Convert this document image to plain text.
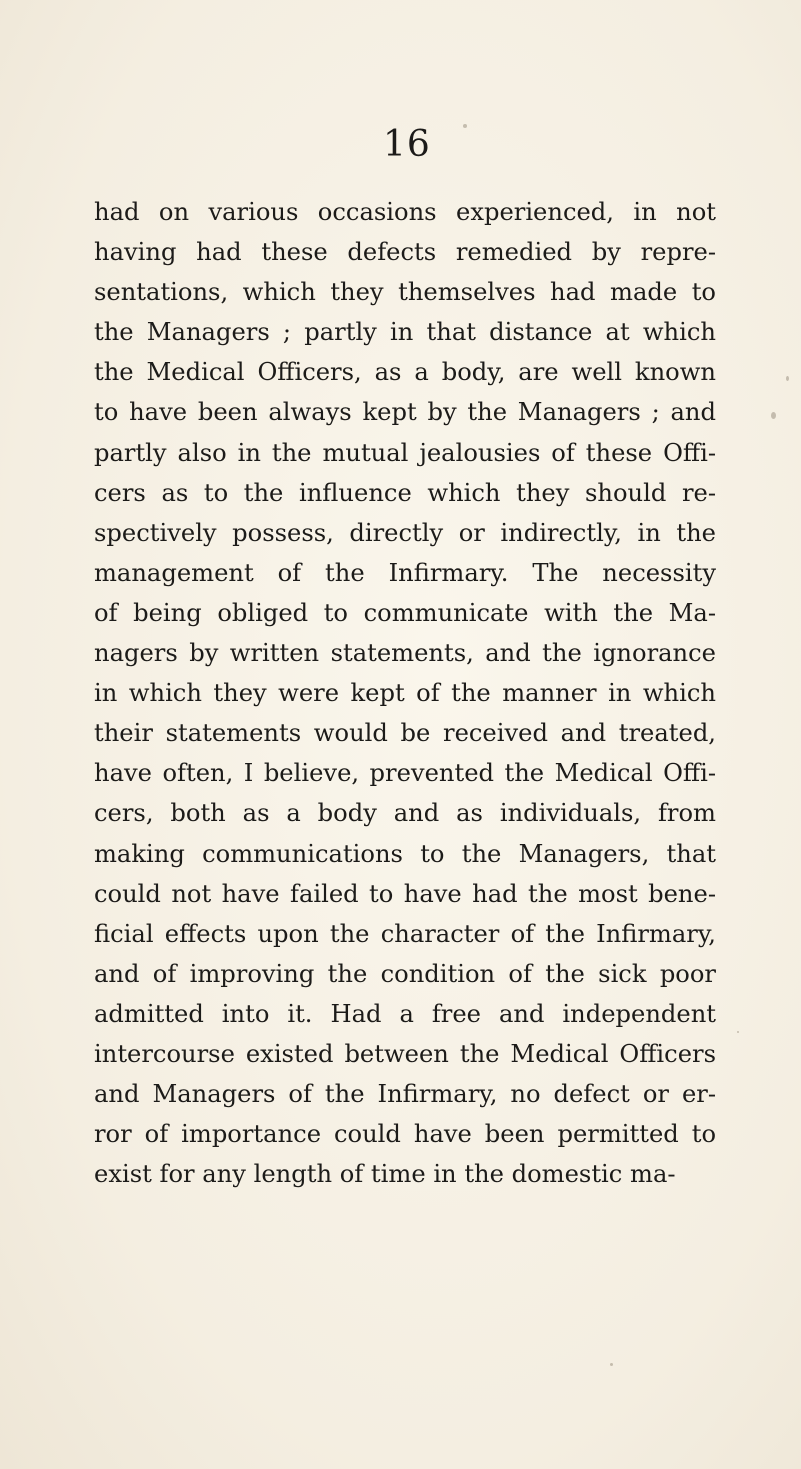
16
had on various occasions experienced, in not
having had these defects remedied by repre-
sentations, which they themselves had made to
the Managers ; partly in that distance at which
the Medical Officers, as a body, are well known
to have been always kept by the Managers ; and
partly also in the mutual jealousies of these Offi-
cers as to the influence which they should re-
spectively possess, directly or indirectly, in the
management of the Infirmary. The necessity
of being obliged to communicate with the Ma-
nagers by written statements, and the ignorance
in which they were kept of the manner in which
their statements would be received and treated,
have often, I believe, prevented the Medical Offi-
cers, both as a body and as individuals, from
making communications to the Managers, that
could not have failed to have had the most bene-
ficial effects upon the character of the Infirmary,
and of improving the condition of the sick poor
admitted into it. Had a free and independent
intercourse existed between the Medical Officers
and Managers of the Infirmary, no defect or er-
ror of importance could have been permitted to
exist for any length of time in the domestic ma-
